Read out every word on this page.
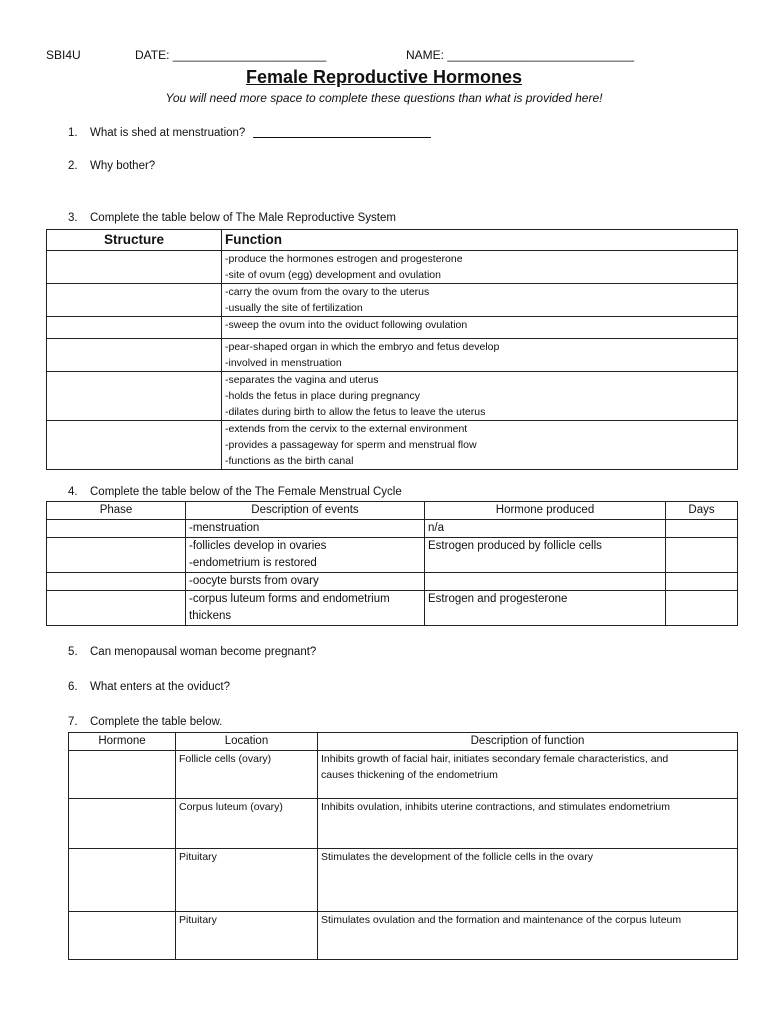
SBI4U	DATE: _______________________	NAME: ____________________________
Female Reproductive Hormones
You will need more space to complete these questions than what is provided here!
1. What is shed at menstruation?
2. Why bother?
3. Complete the table below of The Male Reproductive System
Structure	Function

	-produce the hormones estrogen and progesterone
-site of ovum (egg) development and ovulation

	-carry the ovum from the ovary to the uterus
-usually the site of fertilization

	-sweep the ovum into the oviduct following ovulation

	-pear-shaped organ in which the embryo and fetus develop
-involved in menstruation

	-separates the vagina and uterus
-holds the fetus in place during pregnancy
-dilates during birth to allow the fetus to leave the uterus

	-extends from the cervix to the external environment
-provides a passageway for sperm and menstrual flow
-functions as the birth canal
4. Complete the table below of the The Female Menstrual Cycle
Phase	Description of events	Hormone produced	Days

	-menstruation	n/a	

	-follicles develop in ovaries
-endometrium is restored	Estrogen produced by follicle cells	

	-oocyte bursts from ovary		

	-corpus luteum forms and endometrium
thickens	Estrogen and progesterone	
5. Can menopausal woman become pregnant?
6. What enters at the oviduct?
7. Complete the table below.
Hormone	Location	Description of function
	Follicle cells (ovary)	Inhibits growth of facial hair, initiates secondary female characteristics, and
causes thickening of the endometrium

	Corpus luteum (ovary)	Inhibits ovulation, inhibits uterine contractions, and stimulates endometrium

	Pituitary	Stimulates the development of the follicle cells in the ovary

	Pituitary	Stimulates ovulation and the formation and maintenance of the corpus luteum
